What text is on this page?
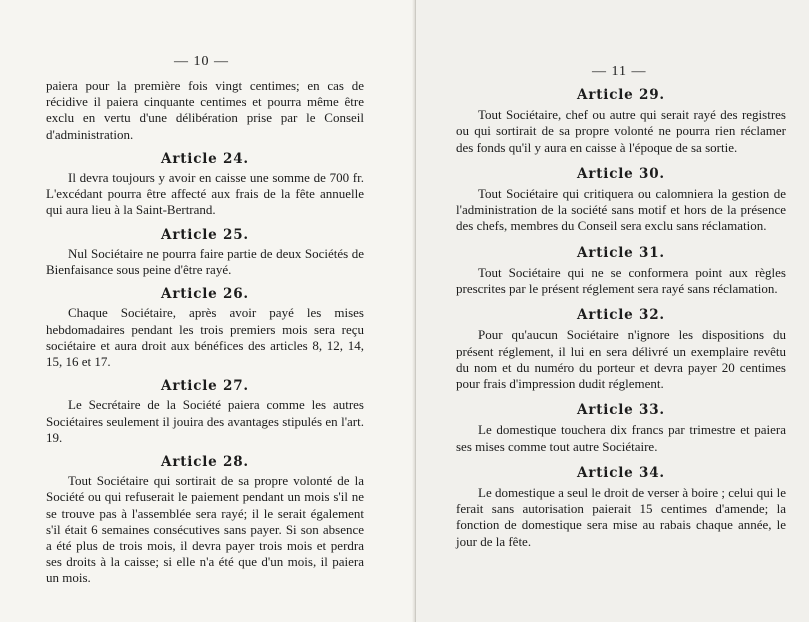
— 10 —

paiera pour la première fois vingt centimes; en cas de récidive il paiera cinquante centimes et pourra même être exclu en vertu d'une délibération prise par le Conseil d'administration.

Article 24.

Il devra toujours y avoir en caisse une somme de 700 fr. L'excédant pourra être affecté aux frais de la fête annuelle qui aura lieu à la Saint-Bertrand.

Article 25.

Nul Sociétaire ne pourra faire partie de deux Sociétés de Bienfaisance sous peine d'être rayé.

Article 26.

Chaque Sociétaire, après avoir payé les mises hebdomadaires pendant les trois premiers mois sera reçu sociétaire et aura droit aux bénéfices des articles 8, 12, 14, 15, 16 et 17.

Article 27.

Le Secrétaire de la Société paiera comme les autres Sociétaires seulement il jouira des avantages stipulés en l'art. 19.

Article 28.

Tout Sociétaire qui sortirait de sa propre volonté de la Société ou qui refuserait le paiement pendant un mois s'il ne se trouve pas à l'assemblée sera rayé; il le serait également s'il était 6 semaines consécutives sans payer. Si son absence a été plus de trois mois, il devra payer trois mois et perdra ses droits à la caisse; si elle n'a été que d'un mois, il paiera un mois.

— 11 —
Article 29.

Tout Sociétaire, chef ou autre qui serait rayé des registres ou qui sortirait de sa propre volonté ne pourra rien réclamer des fonds qu'il y aura en caisse à l'époque de sa sortie.

Article 30.

Tout Sociétaire qui critiquera ou calomniera la gestion de l'administration de la société sans motif et hors de la présence des chefs, membres du Conseil sera exclu sans réclamation.

Article 31.

Tout Sociétaire qui ne se conformera point aux règles prescrites par le présent réglement sera rayé sans réclamation.

Article 32.

Pour qu'aucun Sociétaire n'ignore les dispositions du présent réglement, il lui en sera délivré un exemplaire revêtu du nom et du numéro du porteur et devra payer 20 centimes pour frais d'impression dudit réglement.

Article 33.

Le domestique touchera dix francs par trimestre et paiera ses mises comme tout autre Sociétaire.

Article 34.

Le domestique a seul le droit de verser à boire ; celui qui le ferait sans autorisation paierait 15 centimes d'amende; la fonction de domestique sera mise au rabais chaque année, le jour de la fête.
